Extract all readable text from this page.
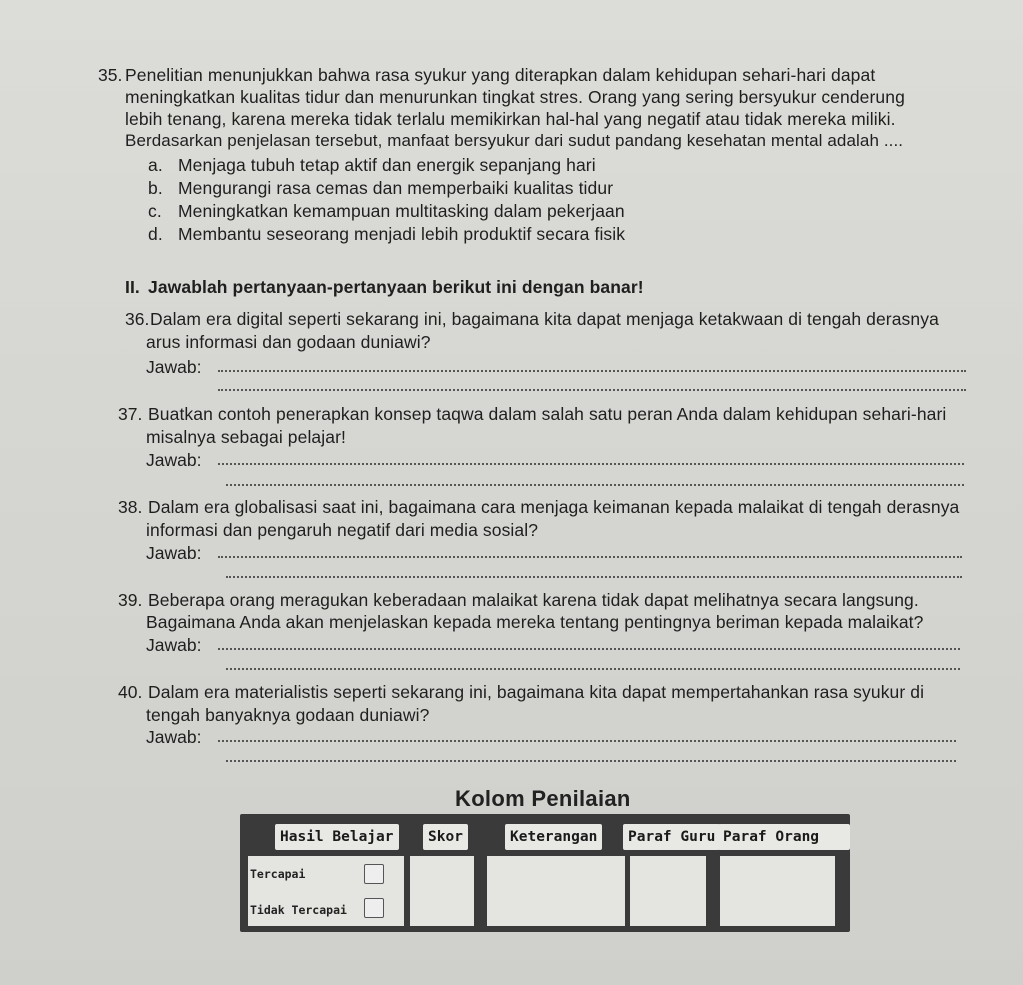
35. Penelitian menunjukkan bahwa rasa syukur yang diterapkan dalam kehidupan sehari-hari dapat
meningkatkan kualitas tidur dan menurunkan tingkat stres. Orang yang sering bersyukur cenderung
lebih tenang, karena mereka tidak terlalu memikirkan hal-hal yang negatif atau tidak mereka miliki.
Berdasarkan penjelasan tersebut, manfaat bersyukur dari sudut pandang kesehatan mental adalah ....
a. Menjaga tubuh tetap aktif dan energik sepanjang hari
b. Mengurangi rasa cemas dan memperbaiki kualitas tidur
c. Meningkatkan kemampuan multitasking dalam pekerjaan
d. Membantu seseorang menjadi lebih produktif secara fisik
II. Jawablah pertanyaan-pertanyaan berikut ini dengan banar!
36. Dalam era digital seperti sekarang ini, bagaimana kita dapat menjaga ketakwaan di tengah derasnya
arus informasi dan godaan duniawi?
Jawab:
37. Buatkan contoh penerapkan konsep taqwa dalam salah satu peran Anda dalam kehidupan sehari-hari
misalnya sebagai pelajar!
Jawab:
38. Dalam era globalisasi saat ini, bagaimana cara menjaga keimanan kepada malaikat di tengah derasnya
informasi dan pengaruh negatif dari media sosial?
Jawab:
39. Beberapa orang meragukan keberadaan malaikat karena tidak dapat melihatnya secara langsung.
Bagaimana Anda akan menjelaskan kepada mereka tentang pentingnya beriman kepada malaikat?
Jawab:
40. Dalam era materialistis seperti sekarang ini, bagaimana kita dapat mempertahankan rasa syukur di
tengah banyaknya godaan duniawi?
Jawab:
Kolom Penilaian
Hasil Belajar	Skor	Keterangan	Paraf Guru Paraf Orang
Tercapai
Tidak Tercapai
